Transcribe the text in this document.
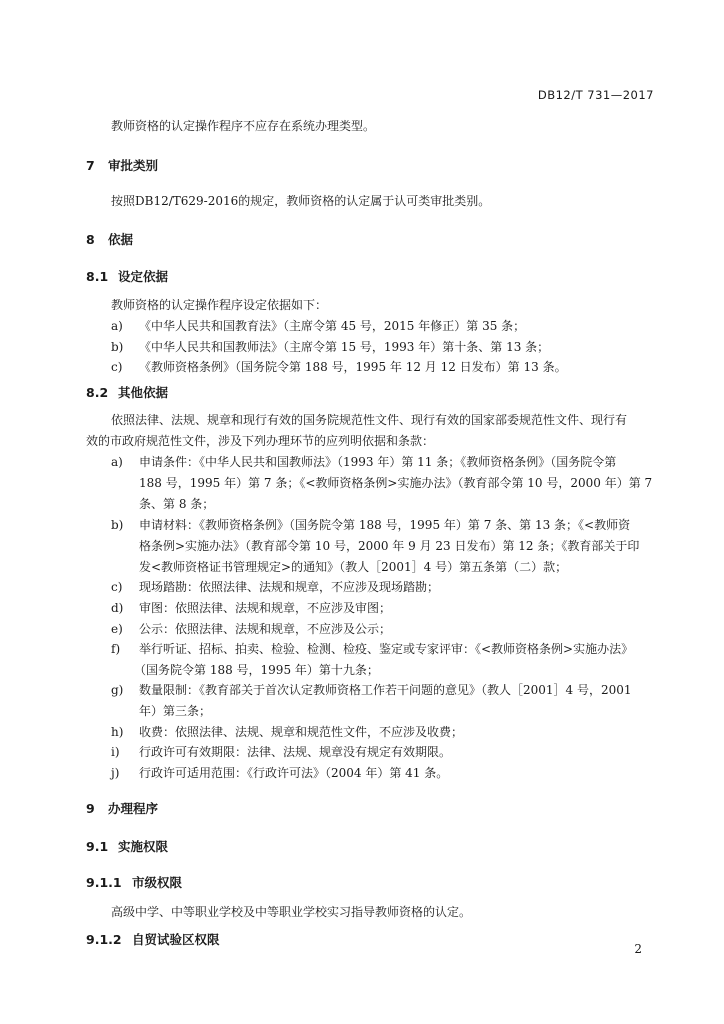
DB12/T 731—2017
教师资格的认定操作程序不应存在系统办理类型。
7 审批类别
按照DB12/T629-2016的规定，教师资格的认定属于认可类审批类别。
8 依据
8.1 设定依据
教师资格的认定操作程序设定依据如下：
a) 《中华人民共和国教育法》（主席令第 45 号，2015 年修正）第 35 条；
b) 《中华人民共和国教师法》（主席令第 15 号，1993 年）第十条、第 13 条；
c) 《教师资格条例》（国务院令第 188 号，1995 年 12 月 12 日发布）第 13 条。
8.2 其他依据
依照法律、法规、规章和现行有效的国务院规范性文件、现行有效的国家部委规范性文件、现行有
效的市政府规范性文件，涉及下列办理环节的应列明依据和条款：
a) 申请条件：《中华人民共和国教师法》（1993 年）第 11 条；《教师资格条例》（国务院令第
188 号，1995 年）第 7 条；《<教师资格条例>实施办法》（教育部令第 10 号，2000 年）第 7
条、第 8 条；
b) 申请材料：《教师资格条例》（国务院令第 188 号，1995 年）第 7 条、第 13 条；《<教师资
格条例>实施办法》（教育部令第 10 号，2000 年 9 月 23 日发布）第 12 条；《教育部关于印
发<教师资格证书管理规定>的通知》（教人［2001］4 号）第五条第（二）款；
c) 现场踏勘：依照法律、法规和规章，不应涉及现场踏勘；
d) 审图：依照法律、法规和规章，不应涉及审图；
e) 公示：依照法律、法规和规章，不应涉及公示；
f) 举行听证、招标、拍卖、检验、检测、检疫、鉴定或专家评审：《<教师资格条例>实施办法》
（国务院令第 188 号，1995 年）第十九条；
g) 数量限制：《教育部关于首次认定教师资格工作若干问题的意见》（教人［2001］4 号，2001
年）第三条；
h) 收费：依照法律、法规、规章和规范性文件，不应涉及收费；
i) 行政许可有效期限：法律、法规、规章没有规定有效期限。
j) 行政许可适用范围：《行政许可法》（2004 年）第 41 条。
9 办理程序
9.1 实施权限
9.1.1 市级权限
高级中学、中等职业学校及中等职业学校实习指导教师资格的认定。
9.1.2 自贸试验区权限
2
